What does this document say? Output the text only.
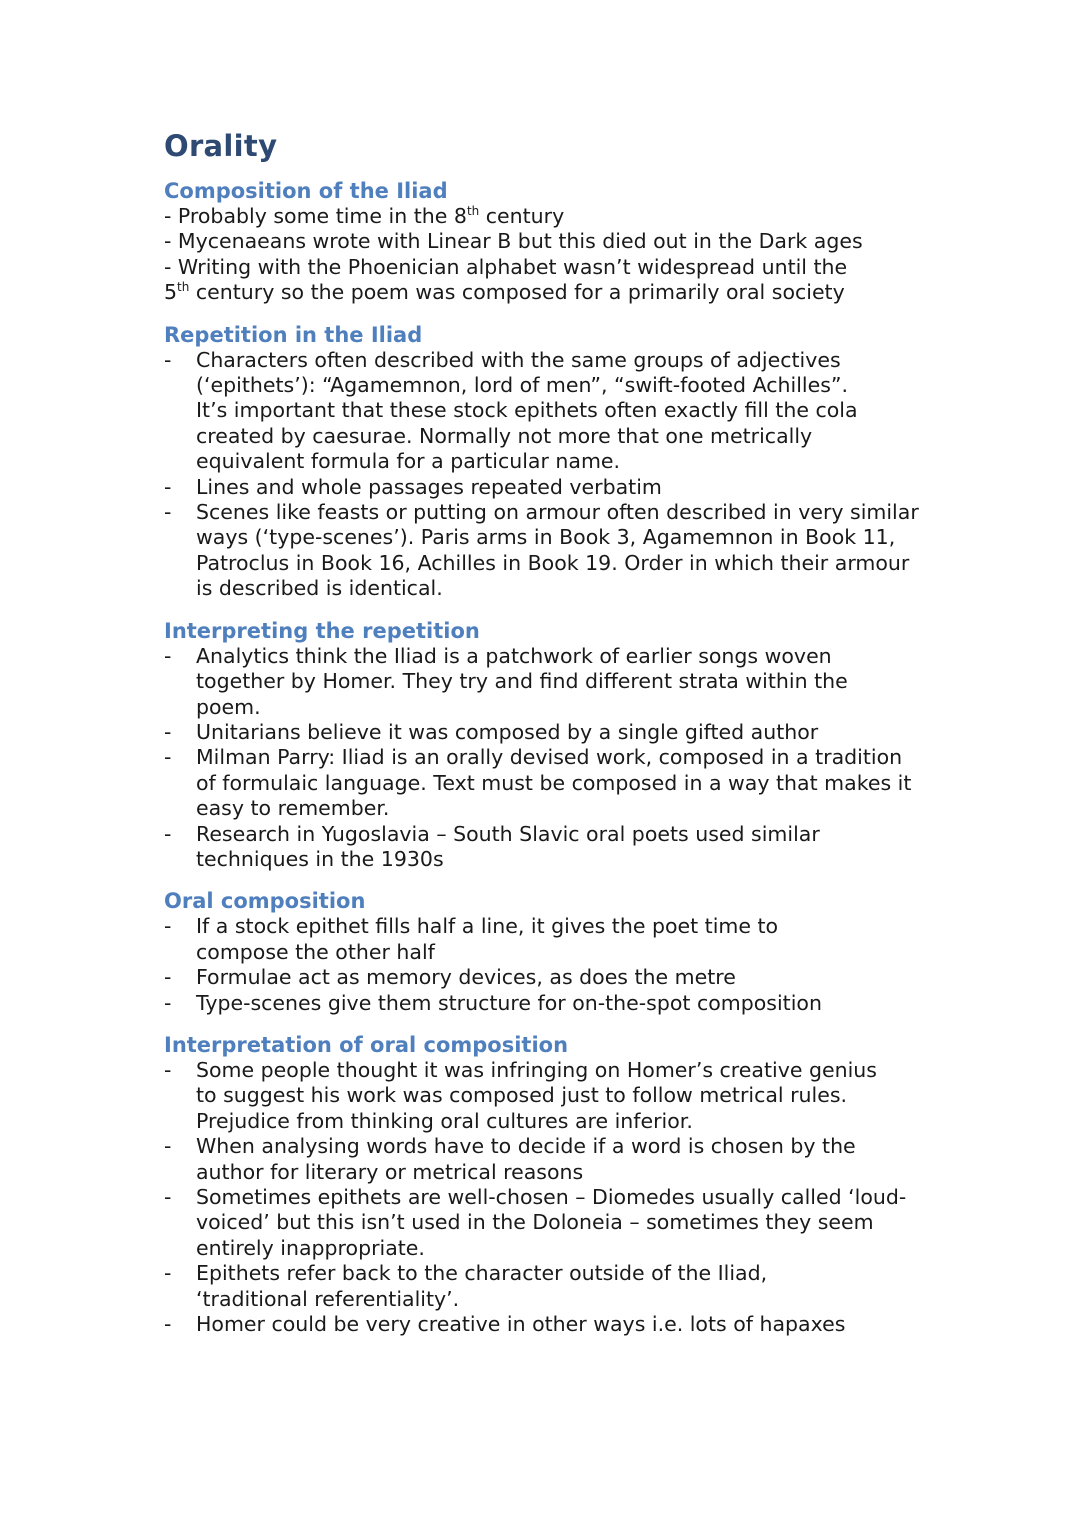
Orality
Composition of the Iliad
- Probably some time in the 8th century
- Mycenaeans wrote with Linear B but this died out in the Dark ages
- Writing with the Phoenician alphabet wasn’t widespread until the
5th century so the poem was composed for a primarily oral society
Repetition in the Iliad
- Characters often described with the same groups of adjectives (‘epithets’): “Agamemnon, lord of men”, “swift-footed Achilles”. It’s important that these stock epithets often exactly fill the cola created by caesurae. Normally not more that one metrically equivalent formula for a particular name.
- Lines and whole passages repeated verbatim
- Scenes like feasts or putting on armour often described in very similar ways (‘type-scenes’). Paris arms in Book 3, Agamemnon in Book 11, Patroclus in Book 16, Achilles in Book 19. Order in which their armour is described is identical.
Interpreting the repetition
- Analytics think the Iliad is a patchwork of earlier songs woven together by Homer. They try and find different strata within the poem.
- Unitarians believe it was composed by a single gifted author
- Milman Parry: Iliad is an orally devised work, composed in a tradition of formulaic language. Text must be composed in a way that makes it easy to remember.
- Research in Yugoslavia – South Slavic oral poets used similar techniques in the 1930s
Oral composition
- If a stock epithet fills half a line, it gives the poet time to compose the other half
- Formulae act as memory devices, as does the metre
- Type-scenes give them structure for on-the-spot composition
Interpretation of oral composition
- Some people thought it was infringing on Homer’s creative genius to suggest his work was composed just to follow metrical rules. Prejudice from thinking oral cultures are inferior.
- When analysing words have to decide if a word is chosen by the author for literary or metrical reasons
- Sometimes epithets are well-chosen – Diomedes usually called ‘loud-voiced’ but this isn’t used in the Doloneia – sometimes they seem entirely inappropriate.
- Epithets refer back to the character outside of the Iliad, ‘traditional referentiality’.
- Homer could be very creative in other ways i.e. lots of hapaxes
